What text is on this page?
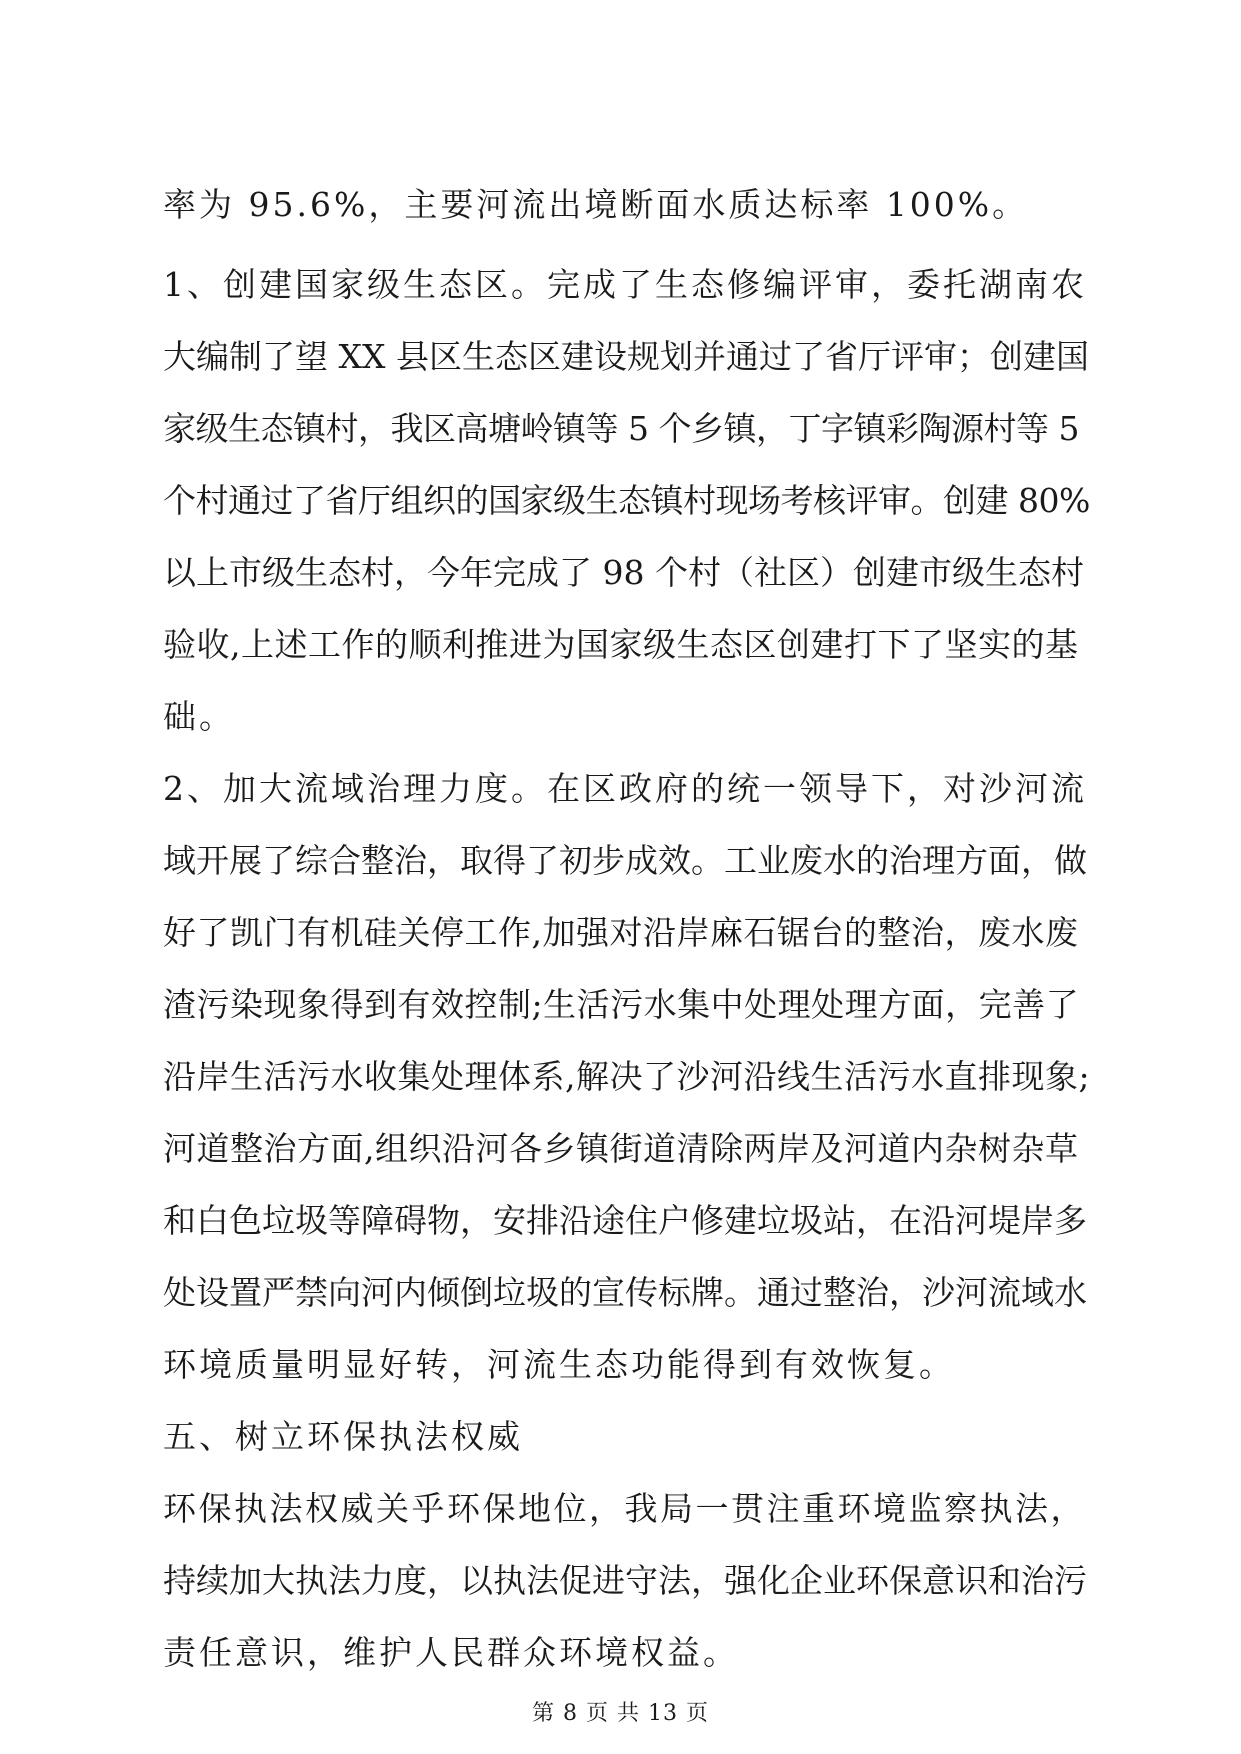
率为 95.6%，主要河流出境断面水质达标率 100%。
1、创建国家级生态区。完成了生态修编评审，委托湖南农
大编制了望 XX 县区生态区建设规划并通过了省厅评审；创建国
家级生态镇村，我区高塘岭镇等 5 个乡镇，丁字镇彩陶源村等 5
个村通过了省厅组织的国家级生态镇村现场考核评审。创建 80%
以上市级生态村，今年完成了 98 个村（社区）创建市级生态村
验收,上述工作的顺利推进为国家级生态区创建打下了坚实的基
础。
2、加大流域治理力度。在区政府的统一领导下，对沙河流
域开展了综合整治，取得了初步成效。工业废水的治理方面，做
好了凯门有机硅关停工作,加强对沿岸麻石锯台的整治，废水废
渣污染现象得到有效控制;生活污水集中处理处理方面，完善了
沿岸生活污水收集处理体系,解决了沙河沿线生活污水直排现象;
河道整治方面,组织沿河各乡镇街道清除两岸及河道内杂树杂草
和白色垃圾等障碍物，安排沿途住户修建垃圾站，在沿河堤岸多
处设置严禁向河内倾倒垃圾的宣传标牌。通过整治，沙河流域水
环境质量明显好转，河流生态功能得到有效恢复。
五、树立环保执法权威
环保执法权威关乎环保地位，我局一贯注重环境监察执法，
持续加大执法力度，以执法促进守法，强化企业环保意识和治污
责任意识，维护人民群众环境权益。
第 8 页 共 13 页
